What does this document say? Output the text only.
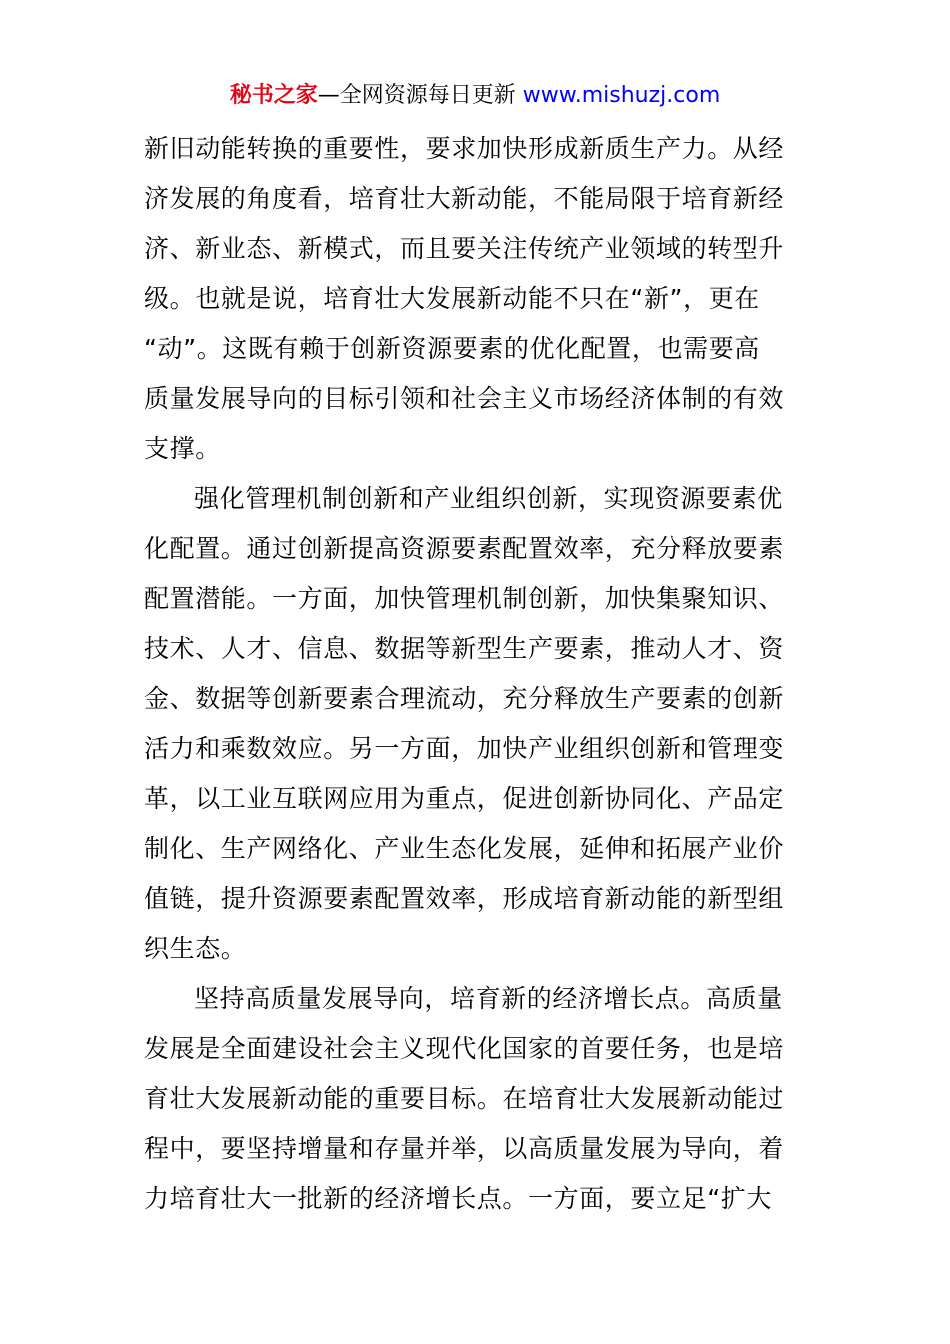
秘书之家—全网资源每日更新 www.mishuzj.com
新旧动能转换的重要性，要求加快形成新质生产力。从经
济发展的角度看，培育壮大新动能，不能局限于培育新经
济、新业态、新模式，而且要关注传统产业领域的转型升
级。也就是说，培育壮大发展新动能不只在“新”，更在
“动”。这既有赖于创新资源要素的优化配置，也需要高
质量发展导向的目标引领和社会主义市场经济体制的有效
支撑。
强化管理机制创新和产业组织创新，实现资源要素优
化配置。通过创新提高资源要素配置效率，充分释放要素
配置潜能。一方面，加快管理机制创新，加快集聚知识、
技术、人才、信息、数据等新型生产要素，推动人才、资
金、数据等创新要素合理流动，充分释放生产要素的创新
活力和乘数效应。另一方面，加快产业组织创新和管理变
革，以工业互联网应用为重点，促进创新协同化、产品定
制化、生产网络化、产业生态化发展，延伸和拓展产业价
值链，提升资源要素配置效率，形成培育新动能的新型组
织生态。
坚持高质量发展导向，培育新的经济增长点。高质量
发展是全面建设社会主义现代化国家的首要任务，也是培
育壮大发展新动能的重要目标。在培育壮大发展新动能过
程中，要坚持增量和存量并举，以高质量发展为导向，着
力培育壮大一批新的经济增长点。一方面，要立足“扩大
